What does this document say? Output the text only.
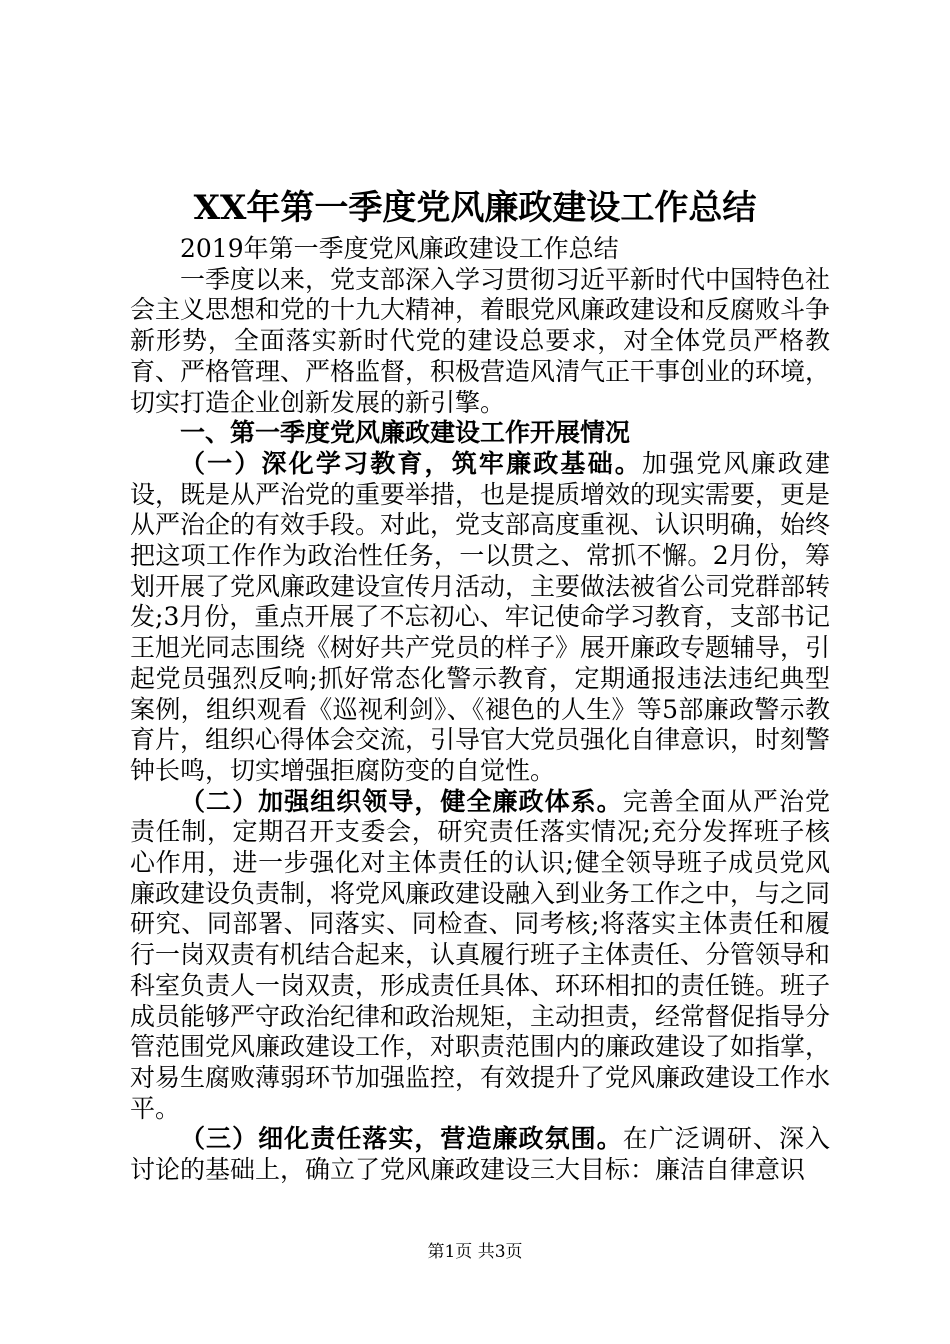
XX年第一季度党风廉政建设工作总结

2019年第一季度党风廉政建设工作总结

一季度以来，党支部深入学习贯彻习近平新时代中国特色社会主义思想和党的十九大精神，着眼党风廉政建设和反腐败斗争新形势，全面落实新时代党的建设总要求，对全体党员严格教育、严格管理、严格监督，积极营造风清气正干事创业的环境，切实打造企业创新发展的新引擎。

一、第一季度党风廉政建设工作开展情况

（一）深化学习教育，筑牢廉政基础。加强党风廉政建设，既是从严治党的重要举措，也是提质增效的现实需要，更是从严治企的有效手段。对此，党支部高度重视、认识明确，始终把这项工作作为政治性任务，一以贯之、常抓不懈。2月份，筹划开展了党风廉政建设宣传月活动，主要做法被省公司党群部转发;3月份，重点开展了不忘初心、牢记使命学习教育，支部书记王旭光同志围绕《树好共产党员的样子》展开廉政专题辅导，引起党员强烈反响;抓好常态化警示教育，定期通报违法违纪典型案例，组织观看《巡视利剑》、《褪色的人生》等5部廉政警示教育片，组织心得体会交流，引导官大党员强化自律意识，时刻警钟长鸣，切实增强拒腐防变的自觉性。

（二）加强组织领导，健全廉政体系。完善全面从严治党责任制，定期召开支委会，研究责任落实情况;充分发挥班子核心作用，进一步强化对主体责任的认识;健全领导班子成员党风廉政建设负责制，将党风廉政建设融入到业务工作之中，与之同研究、同部署、同落实、同检查、同考核;将落实主体责任和履行一岗双责有机结合起来，认真履行班子主体责任、分管领导和科室负责人一岗双责，形成责任具体、环环相扣的责任链。班子成员能够严守政治纪律和政治规矩，主动担责，经常督促指导分管范围党风廉政建设工作，对职责范围内的廉政建设了如指掌，对易生腐败薄弱环节加强监控，有效提升了党风廉政建设工作水平。

（三）细化责任落实，营造廉政氛围。在广泛调研、深入讨论的基础上，确立了党风廉政建设三大目标：廉洁自律意识

第1页 共3页
